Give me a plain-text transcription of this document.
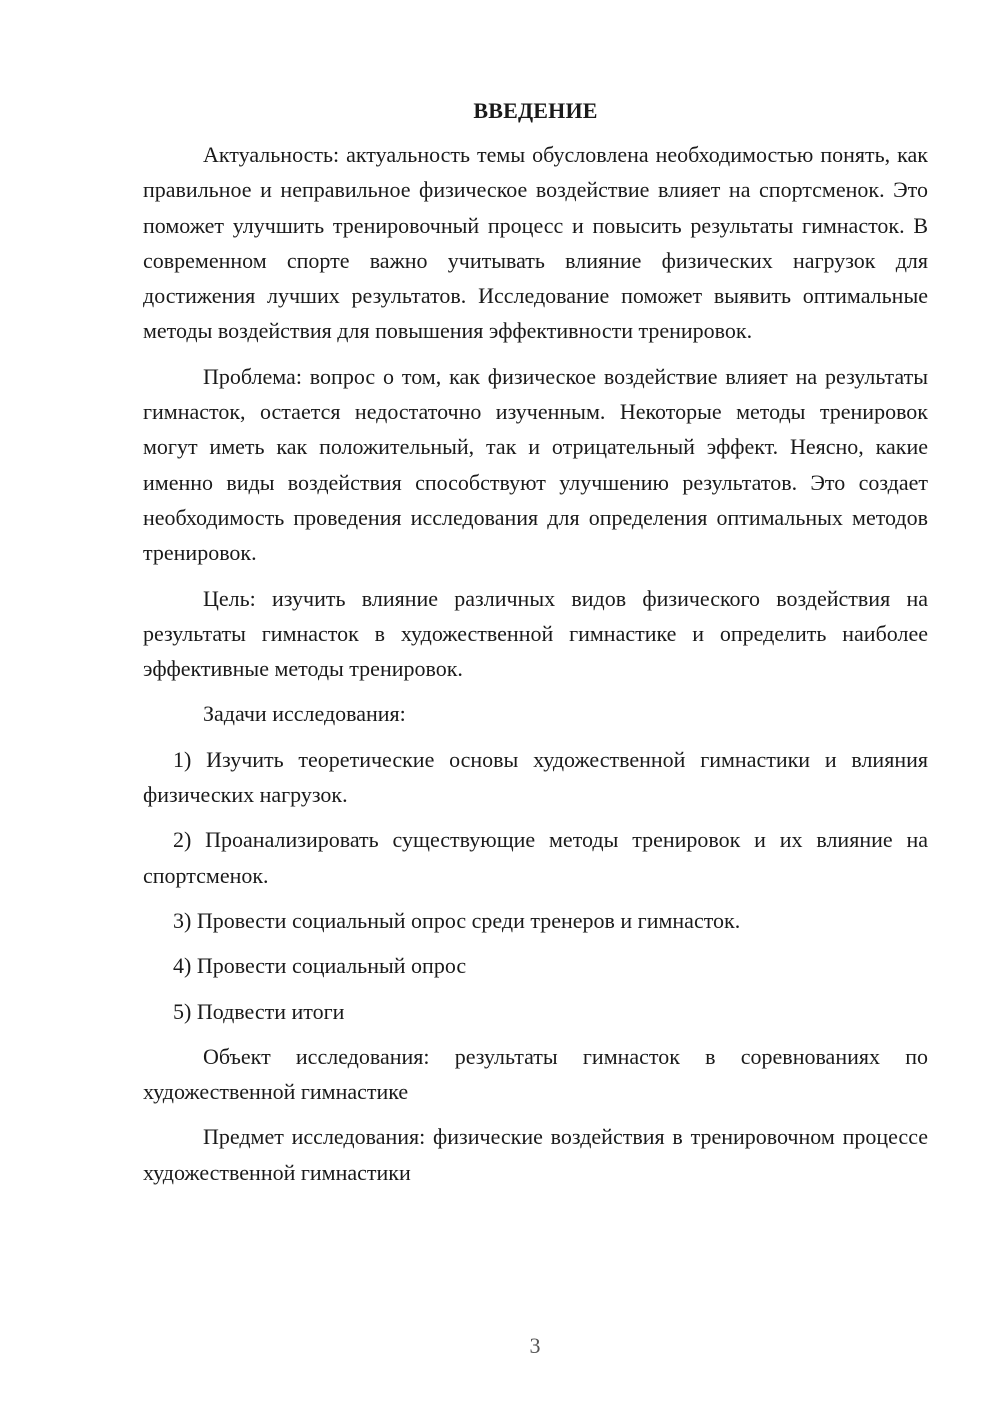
ВВЕДЕНИЕ

Актуальность: актуальность темы обусловлена необходимостью понять, как правильное и неправильное физическое воздействие влияет на спортсменок. Это поможет улучшить тренировочный процесс и повысить результаты гимнасток. В современном спорте важно учитывать влияние физических нагрузок для достижения лучших результатов. Исследование поможет выявить оптимальные методы воздействия для повышения эффективности тренировок.

Проблема: вопрос о том, как физическое воздействие влияет на результаты гимнасток, остается недостаточно изученным. Некоторые методы тренировок могут иметь как положительный, так и отрицательный эффект. Неясно, какие именно виды воздействия способствуют улучшению результатов. Это создает необходимость проведения исследования для определения оптимальных методов тренировок.

Цель: изучить влияние различных видов физического воздействия на результаты гимнасток в художественной гимнастике и определить наиболее эффективные методы тренировок.

Задачи исследования:

1) Изучить теоретические основы художественной гимнастики и влияния физических нагрузок.

2) Проанализировать существующие методы тренировок и их влияние на спортсменок.

3) Провести социальный опрос среди тренеров и гимнасток.

4) Провести социальный опрос

5) Подвести итоги

Объект исследования: результаты гимнасток в соревнованиях по художественной гимнастике

Предмет исследования: физические воздействия в тренировочном процессе художественной гимнастики

3
